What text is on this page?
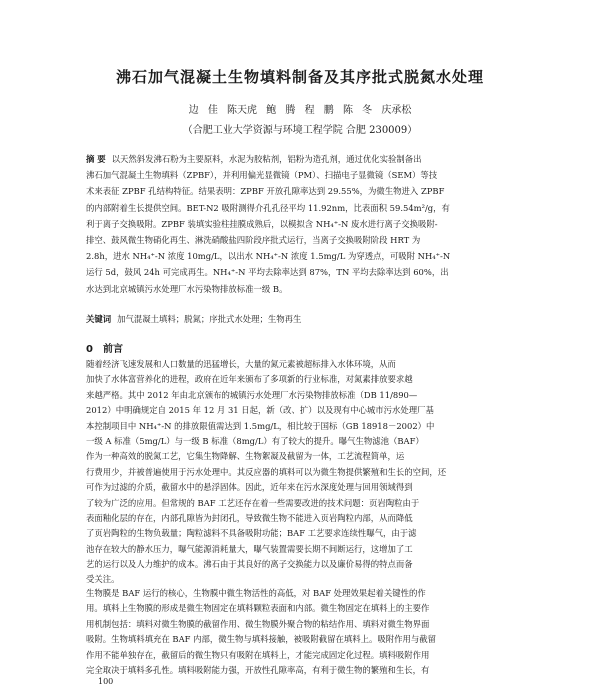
沸石加气混凝土生物填料制备及其序批式脱氮水处理

边 佳 陈天虎 鲍 腾 程 鹏 陈 冬 庆承松

（合肥工业大学资源与环境工程学院 合肥 230009）

摘 要 以天然斜发沸石粉为主要原料，水泥为胶粘剂，铝粉为造孔剂，通过优化实验制备出
沸石加气混凝土生物填料（ZPBF），并利用偏光显微镜（PM）、扫描电子显微镜（SEM）等技
术来表征 ZPBF 孔结构特征。结果表明：ZPBF 开放孔隙率达到 29.55%，为微生物进入 ZPBF
的内部附着生长提供空间。BET-N2 吸附测得介孔孔径平均 11.92nm，比表面积 59.54m²/g，有
利于离子交换吸附。ZPBF 装填实验柱挂膜成熟后，以模拟含 NH₄⁺-N 废水进行离子交换吸附-
排空、鼓风微生物硝化再生、淋洗硝酸盐四阶段序批式运行，当离子交换吸附阶段 HRT 为
2.8h，进水 NH₄⁺-N 浓度 10mg/L，以出水 NH₄⁺-N 浓度 1.5mg/L 为穿透点，可吸附 NH₄⁺-N
运行 5d，鼓风 24h 可完成再生。NH₄⁺-N 平均去除率达到 87%，TN 平均去除率达到 60%，出
水达到北京城镇污水处理厂水污染物排放标准一级 B。

关键词 加气混凝土填料；脱氮；序批式水处理；生物再生

0 前言
随着经济飞速发展和人口数量的迅猛增长，大量的氮元素被超标排入水体环境，从而
加快了水体富营养化的进程，政府在近年来颁布了多项新的行业标准，对氮素排放要求越
来越严格。其中 2012 年由北京颁布的城镇污水处理厂水污染物排放标准（DB 11/890—
2012）中明确规定自 2015 年 12 月 31 日起，新（改、扩）以及现有中心城市污水处理厂基
本控制项目中 NH₄⁺-N 的排放限值需达到 1.5mg/L，相比较于国标（GB 18918－2002）中
一级 A 标准（5mg/L）与一级 B 标准（8mg/L）有了较大的提升。曝气生物滤池（BAF）
作为一种高效的脱氮工艺，它集生物降解、生物絮凝及截留为一体，工艺流程简单，运
行费用少，并被普遍使用于污水处理中。其反应器的填料可以为微生物提供繁殖和生长的空间，还
可作为过滤的介质，截留水中的悬浮固体。因此，近年来在污水深度处理与回用领域得到
了较为广泛的应用。但常规的 BAF 工艺还存在着一些需要改进的技术问题：页岩陶粒由于
表面釉化层的存在，内部孔隙皆为封闭孔，导致微生物不能进入页岩陶粒内部，从而降低
了页岩陶粒的生物负载量；陶粒滤料不具备吸附功能；BAF 工艺要求连续性曝气，由于滤
池存在较大的静水压力，曝气能源消耗量大，曝气装置需要长期不间断运行，这增加了工
艺的运行以及人力维护的成本。沸石由于其良好的离子交换能力以及廉价易得的特点而备
受关注。
生物膜是 BAF 运行的核心，生物膜中微生物活性的高低，对 BAF 处理效果起着关键性的作
用。填料上生物膜的形成是微生物固定在填料颗粒表面和内部。微生物固定在填料上的主要作
用机制包括：填料对微生物膜的截留作用、微生物膜外聚合物的粘结作用、填料对微生物界面
吸附。生物填料填充在 BAF 内部，微生物与填料接触，被吸附截留在填料上。吸附作用与截留
作用不能单独存在，截留后的微生物只有吸附在填料上，才能完成固定化过程。填料吸附作用
完全取决于填料多孔性。填料吸附能力强，开放性孔隙率高，有利于微生物的繁殖和生长，有

100
